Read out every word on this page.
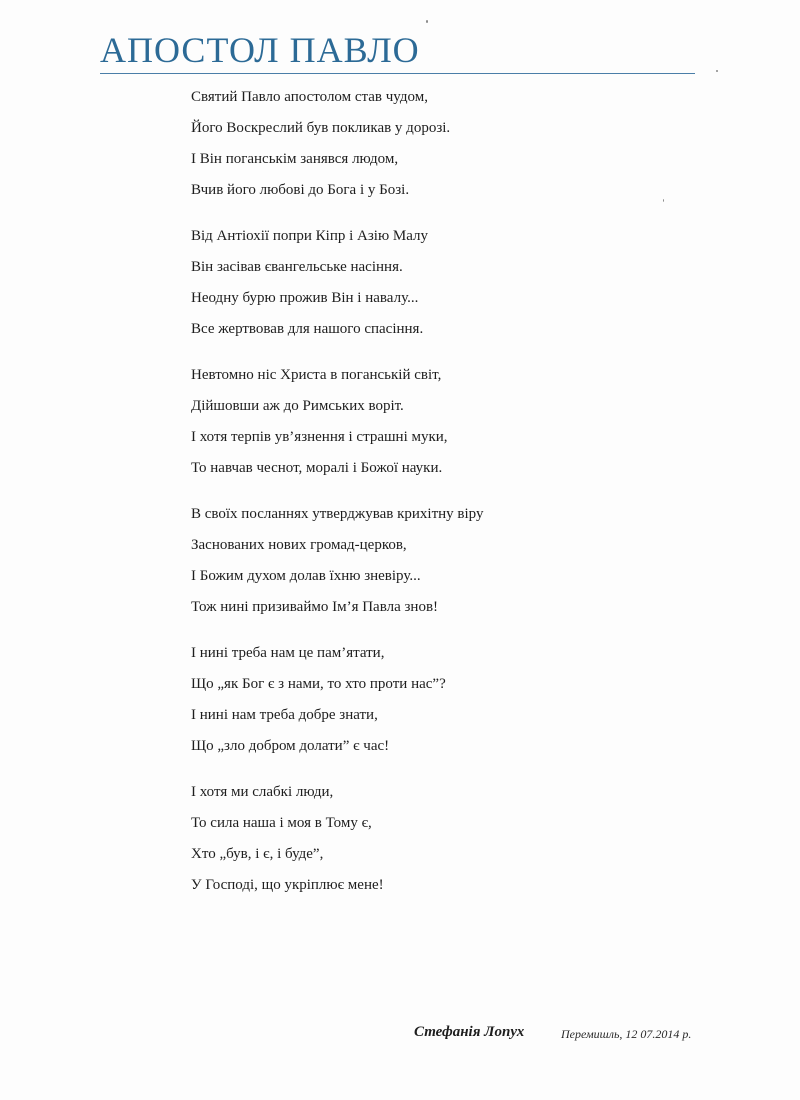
АПОСТОЛ ПАВЛО
Святий Павло апостолом став чудом,
Його Воскреслий був покликав у дорозі.
І Він поганськім занявся людом,
Вчив його любові до Бога і у Бозі.
Від Антіохії попри Кіпр і Азію Малу
Він засівав євангельське насіння.
Неодну бурю прожив Він і навалу...
Все жертвовав для нашого спасіння.
Невтомно ніс Христа в поганській світ,
Дійшовши аж до Римських воріт.
І хотя терпів ув’язнення і страшні муки,
То навчав чеснот, моралі і Божої науки.
В своїх посланнях утверджував крихітну віру
Заснованих нових громад-церков,
І Божим духом долав їхню зневіру...
Тож нині призиваймо Ім’я Павла знов!
І нині треба нам це пам’ятати,
Що „як Бог є з нами, то хто проти нас”?
І нині нам треба добре знати,
Що „зло добром долати” є час!
І хотя ми слабкі люди,
То сила наша і моя в Тому є,
Хто „був, і є, і буде”,
У Господі, що укріплює мене!
Стефанія Лопух	Перемишль, 12 07.2014 р.
